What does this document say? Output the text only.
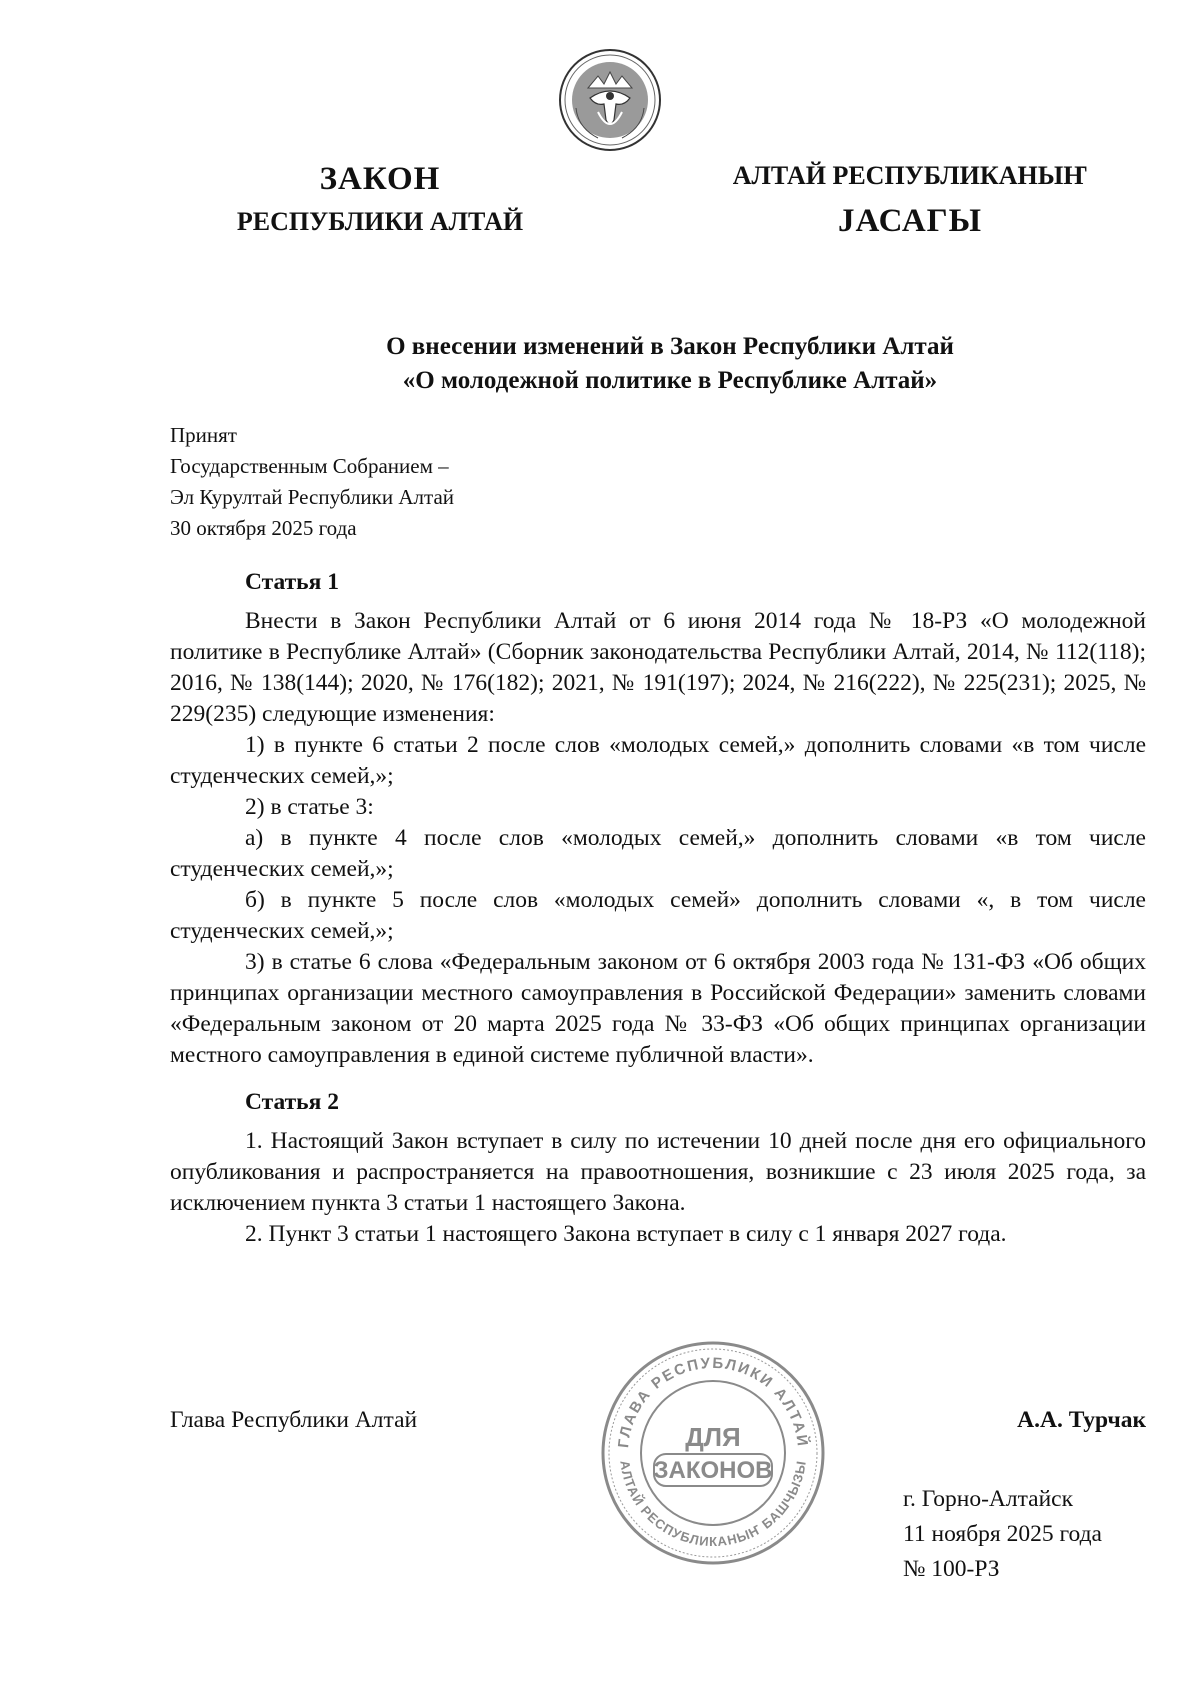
ЗАКОН
РЕСПУБЛИКИ АЛТАЙ
АЛТАЙ РЕСПУБЛИКАНЫҤ
JАСАГЫ
О внесении изменений в Закон Республики Алтай
«О молодежной политике в Республике Алтай»
Принят
Государственным Собранием –
Эл Курултай Республики Алтай
30 октября 2025 года
Статья 1

Внести в Закон Республики Алтай от 6 июня 2014 года № 18-РЗ «О молодежной политике в Республике Алтай» (Сборник законодательства Республики Алтай, 2014, № 112(118); 2016, № 138(144); 2020, № 176(182); 2021, № 191(197); 2024, № 216(222), № 225(231); 2025, № 229(235) следующие изменения:

1) в пункте 6 статьи 2 после слов «молодых семей,» дополнить словами «в том числе студенческих семей,»;

2) в статье 3:

а) в пункте 4 после слов «молодых семей,» дополнить словами «в том числе студенческих семей,»;

б) в пункте 5 после слов «молодых семей» дополнить словами «, в том числе студенческих семей,»;

3) в статье 6 слова «Федеральным законом от 6 октября 2003 года № 131-ФЗ «Об общих принципах организации местного самоуправления в Российской Федерации» заменить словами «Федеральным законом от 20 марта 2025 года № 33-ФЗ «Об общих принципах организации местного самоуправления в единой системе публичной власти».

Статья 2

1. Настоящий Закон вступает в силу по истечении 10 дней после дня его официального опубликования и распространяется на правоотношения, возникшие с 23 июля 2025 года, за исключением пункта 3 статьи 1 настоящего Закона.

2. Пункт 3 статьи 1 настоящего Закона вступает в силу с 1 января 2027 года.

ГЛАВА РЕСПУБЛИКИ АЛТАЙ
АЛТАЙ РЕСПУБЛИКАНЫҤ БАШЧЫЗЫ
ДЛЯ
ЗАКОНОВ
Глава Республики Алтай	А.А. Турчак
г. Горно-Алтайск
11 ноября 2025 года
№ 100-РЗ
